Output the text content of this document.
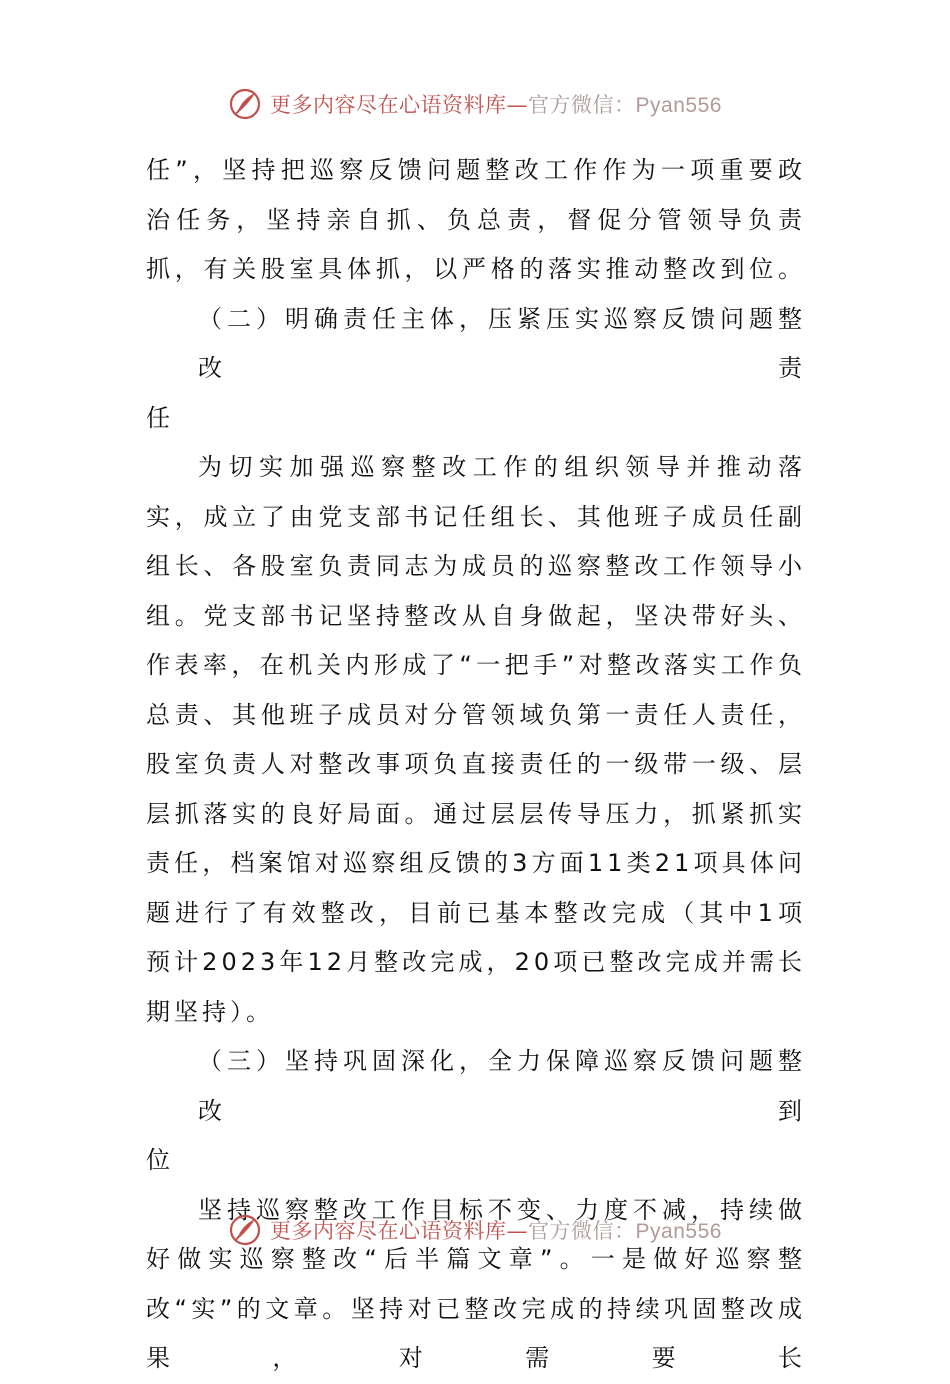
更多内容尽在心语资料库—官方微信：Pyan556

任”，坚持把巡察反馈问题整改工作作为一项重要政治任务，坚持亲自抓、负总责，督促分管领导负责抓，有关股室具体抓，以严格的落实推动整改到位。

（二）明确责任主体，压紧压实巡察反馈问题整改责
任

为切实加强巡察整改工作的组织领导并推动落实，成立了由党支部书记任组长、其他班子成员任副组长、各股室负责同志为成员的巡察整改工作领导小组。党支部书记坚持整改从自身做起，坚决带好头、作表率，在机关内形成了“一把手”对整改落实工作负总责、其他班子成员对分管领域负第一责任人责任，股室负责人对整改事项负直接责任的一级带一级、层层抓落实的良好局面。通过层层传导压力，抓紧抓实责任，档案馆对巡察组反馈的3方面11类21项具体问题进行了有效整改，目前已基本整改完成（其中1项预计2023年12月整改完成，20项已整改完成并需长期坚持）。

（三）坚持巩固深化，全力保障巡察反馈问题整改到
位

坚持巡察整改工作目标不变、力度不减，持续做好做实巡察整改“后半篇文章”。一是做好巡察整改“实”的文章。坚持对已整改完成的持续巩固整改成果，对需要长

更多内容尽在心语资料库—官方微信：Pyan556
